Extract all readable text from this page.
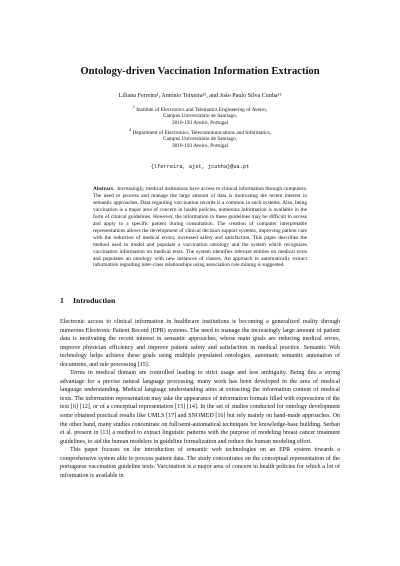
Ontology-driven Vaccination Information Extraction
Liliana Ferreira¹, António Teixeira¹², and João Paulo Silva Cunha¹²
$^1$ Institute of Electronics and Telematics Engineering of Aveiro,
Campus Universitário de Santiago,
3810-193 Aveiro, Portugal
$^2$ Department of Electronics, Telecommunications and Informatics,
Campus Universitário de Santiago,
3810-193 Aveiro, Portugal
{lferreira, ajst, jcunha}@ua.pt
Abstract. Increasingly, medical institutions have access to clinical information through computers. The need to process and manage the large amount of data is motivating the recent interest in semantic approaches. Data regarding vaccination records is a common in such systems. Also, being vaccination is a major area of concern in health policies, numerous information is available in the form of clinical guidelines. However, the information in these guidelines may be difficult to access and apply to a specific patient during consultation. The creation of computer interpretable representations allows the development of clinical decision support systems, improving patient care with the reduction of medical errors, increased safety and satisfaction. This paper describes the method used to model and populate a vaccination ontology and the system which recognizes vaccination information on medical texts. The system identifies relevant entities on medical texts and populates an ontology with new instances of classes. An approach to automatically extract information regarding inter-class relationships using association rule mining is suggested.
1 Introduction

Electronic access to clinical information in healthcare institutions is becoming a generalized reality through numerous Electronic Patient Record (EPR) systems. The need to manage the increasingly large amount of patient data is motivating the recent interest in semantic approaches, whose main goals are reducing medical errors, improve physician efficiency and improve patient safety and satisfaction in medical practice. Semantic Web technology helps achieve these goals using multiple populated ontologies, automatic semantic annotation of documents, and rule processing [15].

Terms in medical domain are controlled leading to strict usage and less ambiguity. Being this a strong advantage for a precise natural language processing, many work has been developed in the area of medical language understanding. Medical language understanding aims at extracting the information content of medical texts. The information representation may take the appearance of information formats filled with expressions of the text [6] [12], or of a conceptual representation [15] [14]. In the set of studies conducted for ontology development some obtained practical results like UMLS [17] and SNOMED [16] but rely mainly on hand-made approaches. On the other hand, many studies concentrate on full/semi-automatical techniques for knowledge-base building. Serban et al. present in [13] a method to extract linguistic patterns with the purpose of modeling breast cancer treatment guidelines, to aid the human modelers in guideline formalization and reduce the human modeling effort.

This paper focuses on the introduction of semantic web technologies on an EPR system towards a comprehensive system able to process patient data. The study concentrates on the conceptual representation of the portuguese vaccination guideline texts. Vaccination is a major area of concern in health policies for which a lot of information is available in
